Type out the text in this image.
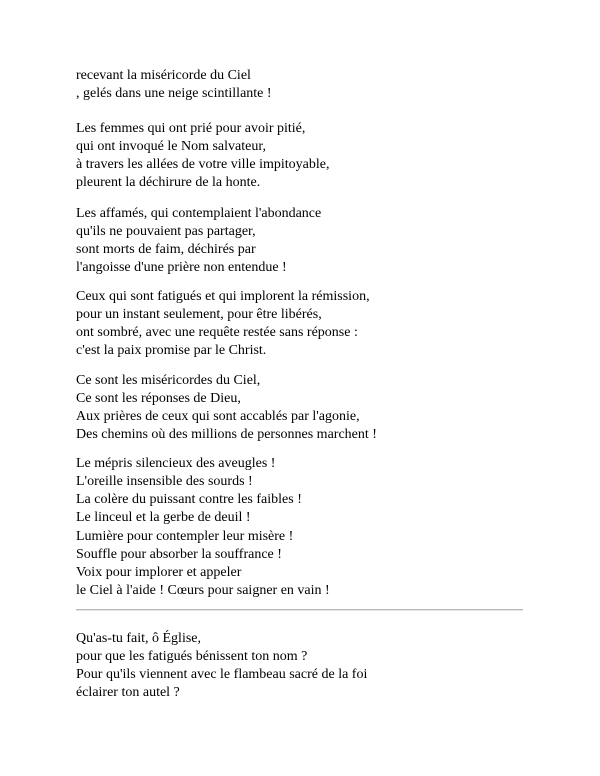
recevant la miséricorde du Ciel
, gelés dans une neige scintillante !
Les femmes qui ont prié pour avoir pitié,
qui ont invoqué le Nom salvateur,
à travers les allées de votre ville impitoyable,
pleurent la déchirure de la honte.
Les affamés, qui contemplaient l'abondance
qu'ils ne pouvaient pas partager,
sont morts de faim, déchirés par
l'angoisse d'une prière non entendue !
Ceux qui sont fatigués et qui implorent la rémission,
pour un instant seulement, pour être libérés,
ont sombré, avec une requête restée sans réponse :
c'est la paix promise par le Christ.
Ce sont les miséricordes du Ciel,
Ce sont les réponses de Dieu,
Aux prières de ceux qui sont accablés par l'agonie,
Des chemins où des millions de personnes marchent !
Le mépris silencieux des aveugles !
L'oreille insensible des sourds !
La colère du puissant contre les faibles !
Le linceul et la gerbe de deuil !
Lumière pour contempler leur misère !
Souffle pour absorber la souffrance !
Voix pour implorer et appeler
le Ciel à l'aide ! Cœurs pour saigner en vain !
Qu'as-tu fait, ô Église,
pour que les fatigués bénissent ton nom ?
Pour qu'ils viennent avec le flambeau sacré de la foi
éclairer ton autel ?
